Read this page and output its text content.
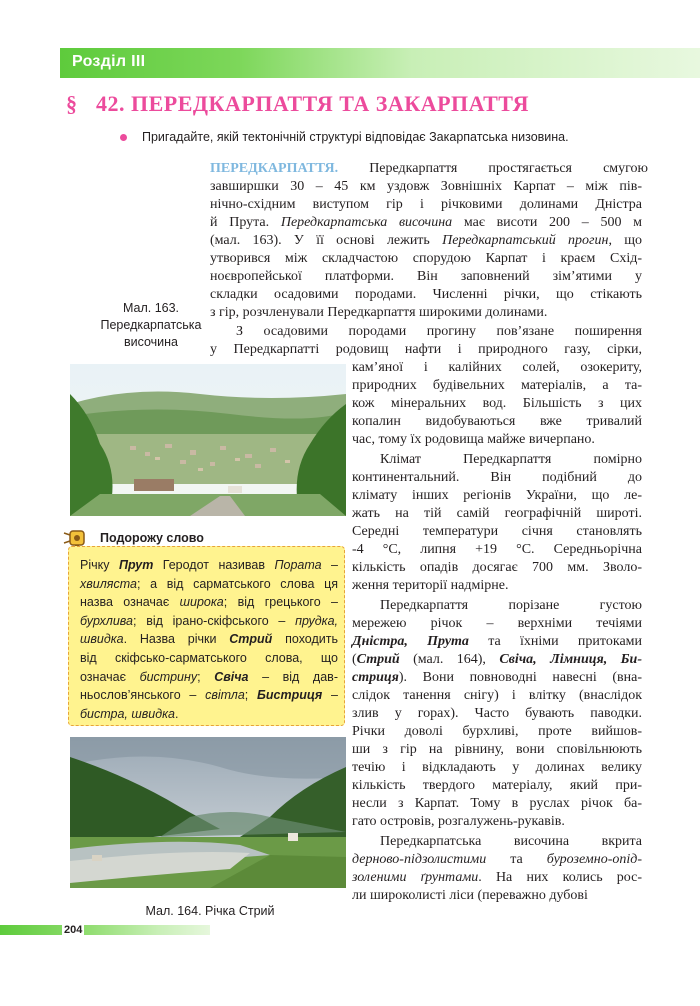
Розділ III
§ 42. ПЕРЕДКАРПАТТЯ ТА ЗАКАРПАТТЯ
Пригадайте, якій тектонічній структурі відповідає Закарпатська низовина.
ПЕРЕДКАРПАТТЯ. Передкарпаття простягається смугою
завширшки 30 – 45 км уздовж Зовнішніх Карпат – між пів-
нічно-східним виступом гір і річковими долинами Дністра
й Прута. Передкарпатська височина має висоти 200 – 500 м
(мал. 163). У її основі лежить Передкарпатський прогин, що
утворився між складчастою спорудою Карпат і краєм Схід-
ноєвропейської платформи. Він заповнений зім’ятими у
складки осадовими породами. Численні річки, що стікають
з гір, розчленували Передкарпаття широкими долинами.
З осадовими породами прогину пов’язане поширення
у Передкарпатті родовищ нафти і природного газу, сірки,
кам’яної і калійних солей, озокериту,
природних будівельних матеріалів, а та-
кож мінеральних вод. Більшість з цих
копалин видобуваються вже тривалий
час, тому їх родовища майже вичерпано.
Клімат Передкарпаття помірно
континентальний. Він подібний до
клімату інших регіонів України, що ле-
жать на тій самій географічній широті.
Середні температури січня становлять
-4 °С, липня +19 °С. Середньорічна
кількість опадів досягає 700 мм. Зволо-
ження території надмірне.
Передкарпаття порізане густою
мережею річок – верхніми течіями
Дністра, Прута та їхніми притоками
(Стрий (мал. 164), Свіча, Лімниця, Би-
стриця). Вони повноводні навесні (вна-
слідок танення снігу) і влітку (внаслідок
злив у горах). Часто бувають паводки.
Річки доволі бурхливі, проте вийшов-
ши з гір на рівнину, вони сповільнюють
течію і відкладають у долинах велику
кількість твердого матеріалу, який при-
несли з Карпат. Тому в руслах річок ба-
гато островів, розгалужень-рукавів.
Передкарпатська височина вкрита
дерново-підзолистими та буроземно-опід-
золеними ґрунтами. На них колись рос-
ли широколисті ліси (переважно дубові
Мал. 163.
Передкарпатська
височина
Подорожу слово
Річку Прут Геродот називав Пората –
хвиляста; а від сарматського слова ця
назва означає широка; від грецького –
бурхлива; від ірано-скіфського – прудка,
швидка. Назва річки Стрий походить
від скіфсько-сарматського слова, що
означає бистрину; Свіча – від дав-
ньослов’янського – світла; Бистриця –
бистра, швидка.
Мал. 164. Річка Стрий
204
